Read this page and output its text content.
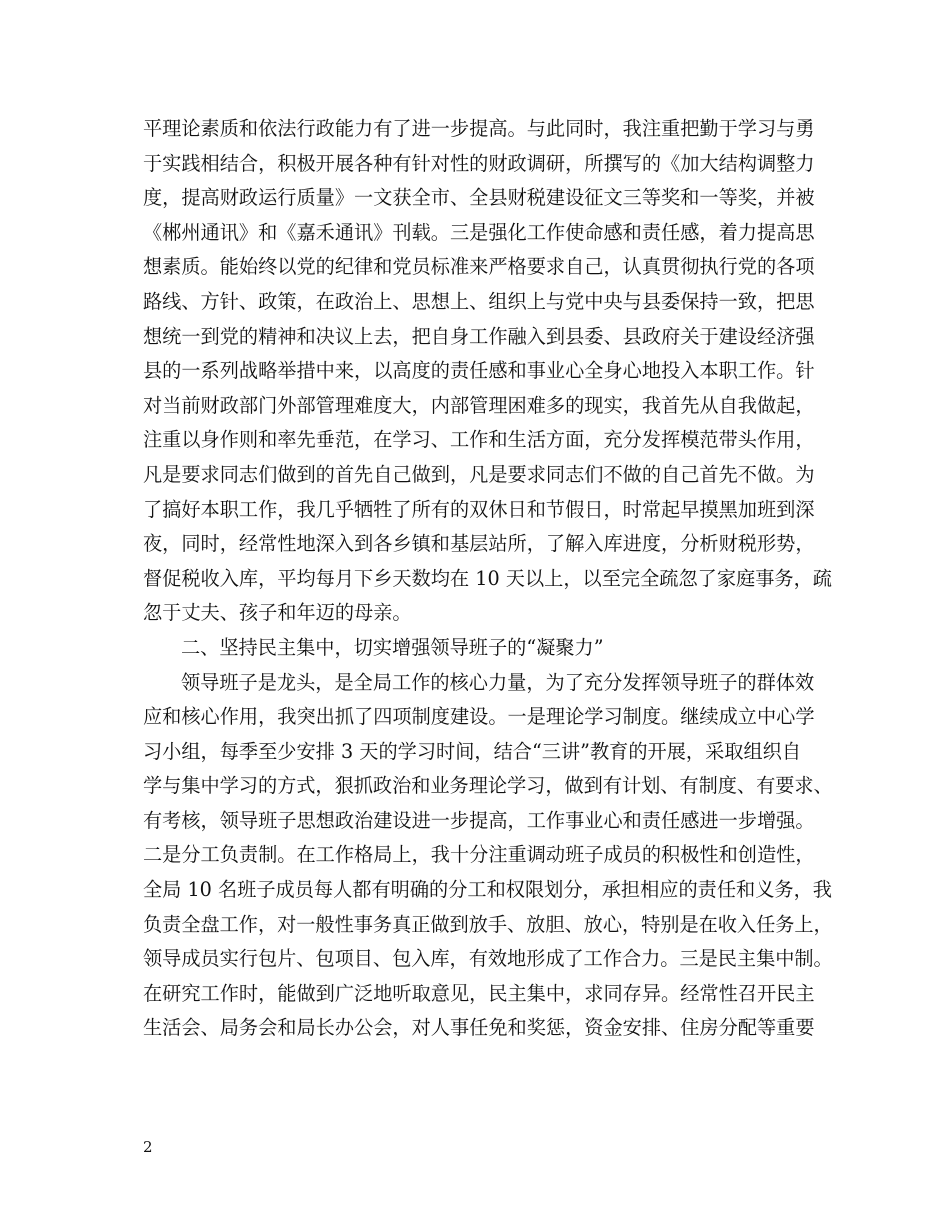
平理论素质和依法行政能力有了进一步提高。与此同时，我注重把勤于学习与勇
于实践相结合，积极开展各种有针对性的财政调研，所撰写的《加大结构调整力
度，提高财政运行质量》一文获全市、全县财税建设征文三等奖和一等奖，并被
《郴州通讯》和《嘉禾通讯》刊载。三是强化工作使命感和责任感，着力提高思
想素质。能始终以党的纪律和党员标准来严格要求自己，认真贯彻执行党的各项
路线、方针、政策，在政治上、思想上、组织上与党中央与县委保持一致，把思
想统一到党的精神和决议上去，把自身工作融入到县委、县政府关于建设经济强
县的一系列战略举措中来，以高度的责任感和事业心全身心地投入本职工作。针
对当前财政部门外部管理难度大，内部管理困难多的现实，我首先从自我做起，
注重以身作则和率先垂范，在学习、工作和生活方面，充分发挥模范带头作用，
凡是要求同志们做到的首先自己做到，凡是要求同志们不做的自己首先不做。为
了搞好本职工作，我几乎牺牲了所有的双休日和节假日，时常起早摸黑加班到深
夜，同时，经常性地深入到各乡镇和基层站所，了解入库进度，分析财税形势，
督促税收入库，平均每月下乡天数均在 10 天以上，以至完全疏忽了家庭事务，疏
忽于丈夫、孩子和年迈的母亲。
二、坚持民主集中，切实增强领导班子的“凝聚力”
领导班子是龙头，是全局工作的核心力量，为了充分发挥领导班子的群体效
应和核心作用，我突出抓了四项制度建设。一是理论学习制度。继续成立中心学
习小组，每季至少安排 3 天的学习时间，结合“三讲”教育的开展，采取组织自
学与集中学习的方式，狠抓政治和业务理论学习，做到有计划、有制度、有要求、
有考核，领导班子思想政治建设进一步提高，工作事业心和责任感进一步增强。
二是分工负责制。在工作格局上，我十分注重调动班子成员的积极性和创造性，
全局 10 名班子成员每人都有明确的分工和权限划分，承担相应的责任和义务，我
负责全盘工作，对一般性事务真正做到放手、放胆、放心，特别是在收入任务上，
领导成员实行包片、包项目、包入库，有效地形成了工作合力。三是民主集中制。
在研究工作时，能做到广泛地听取意见，民主集中，求同存异。经常性召开民主
生活会、局务会和局长办公会，对人事任免和奖惩，资金安排、住房分配等重要
2
